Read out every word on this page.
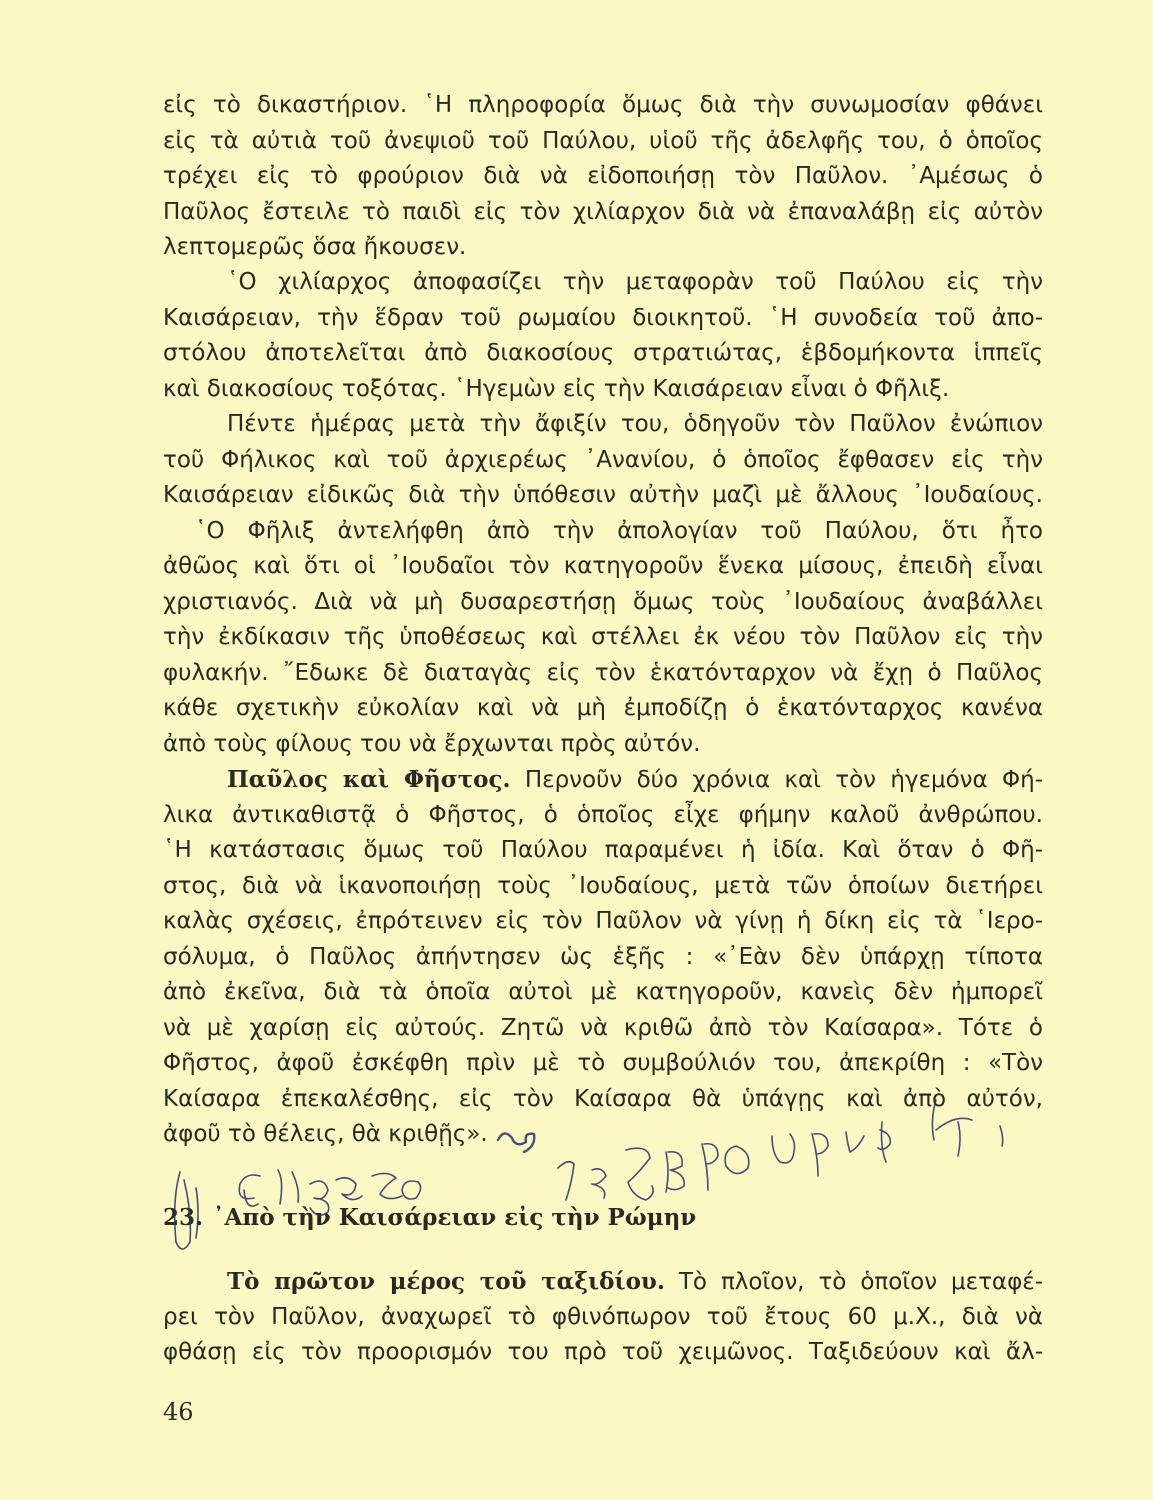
εἰς τὸ δικαστήριον. ῾Η πληροφορία ὅμως διὰ τὴν συνωμοσίαν φθάνει
εἰς τὰ αὐτιὰ τοῦ ἀνεψιοῦ τοῦ Παύλου, υἱοῦ τῆς ἀδελφῆς του, ὁ ὁποῖος
τρέχει εἰς τὸ φρούριον διὰ νὰ εἰδοποιήσῃ τὸν Παῦλον. ᾿Αμέσως ὁ
Παῦλος ἔστειλε τὸ παιδὶ εἰς τὸν χιλίαρχον διὰ νὰ ἐπαναλάβῃ εἰς αὐτὸν
λεπτομερῶς ὅσα ἤκουσεν.
῾Ο χιλίαρχος ἀποφασίζει τὴν μεταφορὰν τοῦ Παύλου εἰς τὴν
Καισάρειαν, τὴν ἕδραν τοῦ ρωμαίου διοικητοῦ. ῾Η συνοδεία τοῦ ἀπο-
στόλου ἀποτελεῖται ἀπὸ διακοσίους στρατιώτας, ἑβδομήκοντα ἱππεῖς
καὶ διακοσίους τοξότας. ῾Ηγεμὼν εἰς τὴν Καισάρειαν εἶναι ὁ Φῆλιξ.
Πέντε ἡμέρας μετὰ τὴν ἄφιξίν του, ὁδηγοῦν τὸν Παῦλον ἐνώπιον
τοῦ Φήλικος καὶ τοῦ ἀρχιερέως ᾿Ανανίου, ὁ ὁποῖος ἔφθασεν εἰς τὴν
Καισάρειαν εἰδικῶς διὰ τὴν ὑπόθεσιν αὐτὴν μαζὶ μὲ ἄλλους ᾿Ιουδαίους.
῾Ο Φῆλιξ ἀντελήφθη ἀπὸ τὴν ἀπολογίαν τοῦ Παύλου, ὅτι ἦτο
ἀθῶος καὶ ὅτι οἱ ᾿Ιουδαῖοι τὸν κατηγοροῦν ἕνεκα μίσους, ἐπειδὴ εἶναι
χριστιανός. Διὰ νὰ μὴ δυσαρεστήσῃ ὅμως τοὺς ᾿Ιουδαίους ἀναβάλλει
τὴν ἐκδίκασιν τῆς ὑποθέσεως καὶ στέλλει ἐκ νέου τὸν Παῦλον εἰς τὴν
φυλακήν. ῎Εδωκε δὲ διαταγὰς εἰς τὸν ἑκατόνταρχον νὰ ἔχῃ ὁ Παῦλος
κάθε σχετικὴν εὐκολίαν καὶ νὰ μὴ ἐμποδίζῃ ὁ ἑκατόνταρχος κανένα
ἀπὸ τοὺς φίλους του νὰ ἔρχωνται πρὸς αὐτόν.
Παῦλος καὶ Φῆστος. Περνοῦν δύο χρόνια καὶ τὸν ἡγεμόνα Φή-
λικα ἀντικαθιστᾷ ὁ Φῆστος, ὁ ὁποῖος εἶχε φήμην καλοῦ ἀνθρώπου.
῾Η κατάστασις ὅμως τοῦ Παύλου παραμένει ἡ ἰδία. Καὶ ὅταν ὁ Φῆ-
στος, διὰ νὰ ἱκανοποιήσῃ τοὺς ᾿Ιουδαίους, μετὰ τῶν ὁποίων διετήρει
καλὰς σχέσεις, ἐπρότεινεν εἰς τὸν Παῦλον νὰ γίνῃ ἡ δίκη εἰς τὰ ῾Ιερο-
σόλυμα, ὁ Παῦλος ἀπήντησεν ὡς ἑξῆς : «᾿Εὰν δὲν ὑπάρχῃ τίποτα
ἀπὸ ἐκεῖνα, διὰ τὰ ὁποῖα αὐτοὶ μὲ κατηγοροῦν, κανεὶς δὲν ἠμπορεῖ
νὰ μὲ χαρίσῃ εἰς αὐτούς. Ζητῶ νὰ κριθῶ ἀπὸ τὸν Καίσαρα». Τότε ὁ
Φῆστος, ἀφοῦ ἐσκέφθη πρὶν μὲ τὸ συμβούλιόν του, ἀπεκρίθη : «Τὸν
Καίσαρα ἐπεκαλέσθης, εἰς τὸν Καίσαρα θὰ ὑπάγῃς καὶ ἀπὸ αὐτόν,
ἀφοῦ τὸ θέλεις, θὰ κριθῇς».
23. ᾿Απὸ τὴν Καισάρειαν εἰς τὴν Ρώμην
Τὸ πρῶτον μέρος τοῦ ταξιδίου. Τὸ πλοῖον, τὸ ὁποῖον μεταφέ-
ρει τὸν Παῦλον, ἀναχωρεῖ τὸ φθινόπωρον τοῦ ἔτους 60 μ.Χ., διὰ νὰ
φθάσῃ εἰς τὸν προορισμόν του πρὸ τοῦ χειμῶνος. Ταξιδεύουν καὶ ἄλ-
46
